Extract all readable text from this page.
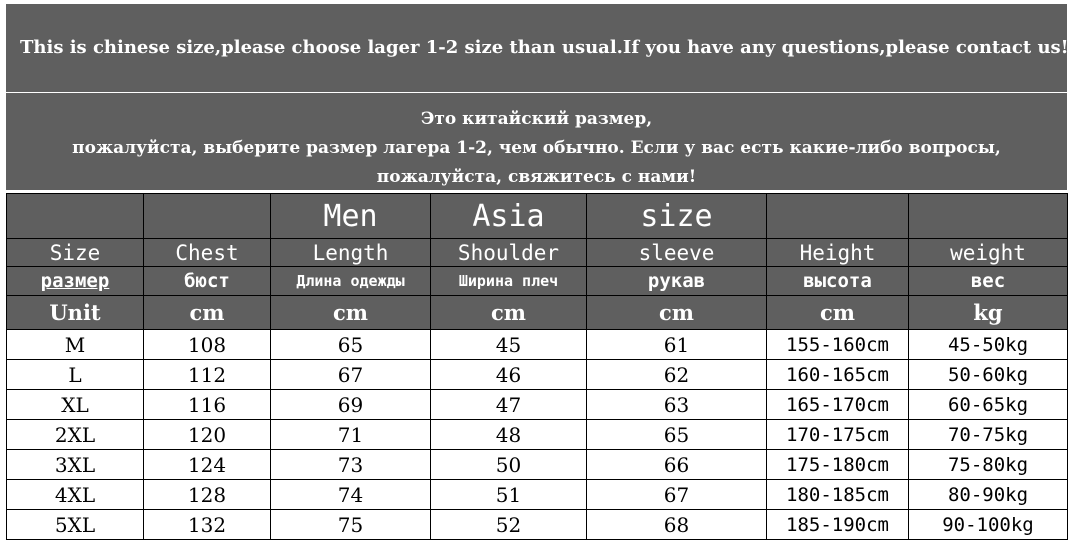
This is chinese size,please choose lager 1-2 size than usual.If you have any questions,please contact us!
Это китайский размер,
пожалуйста, выберите размер лагера 1-2, чем обычно. Если у вас есть какие-либо вопросы,
пожалуйста, свяжитесь с нами!
		Men	Asia	size		
Size	Chest	Length	Shoulder	sleeve	Height	weight
размер	бюст	Длина одежды	Ширина плеч	рукав	высота	вес
Unit	cm	cm	cm	cm	cm	kg
M	108	65	45	61	155-160cm	45-50kg
L	112	67	46	62	160-165cm	50-60kg
XL	116	69	47	63	165-170cm	60-65kg
2XL	120	71	48	65	170-175cm	70-75kg
3XL	124	73	50	66	175-180cm	75-80kg
4XL	128	74	51	67	180-185cm	80-90kg
5XL	132	75	52	68	185-190cm	90-100kg
